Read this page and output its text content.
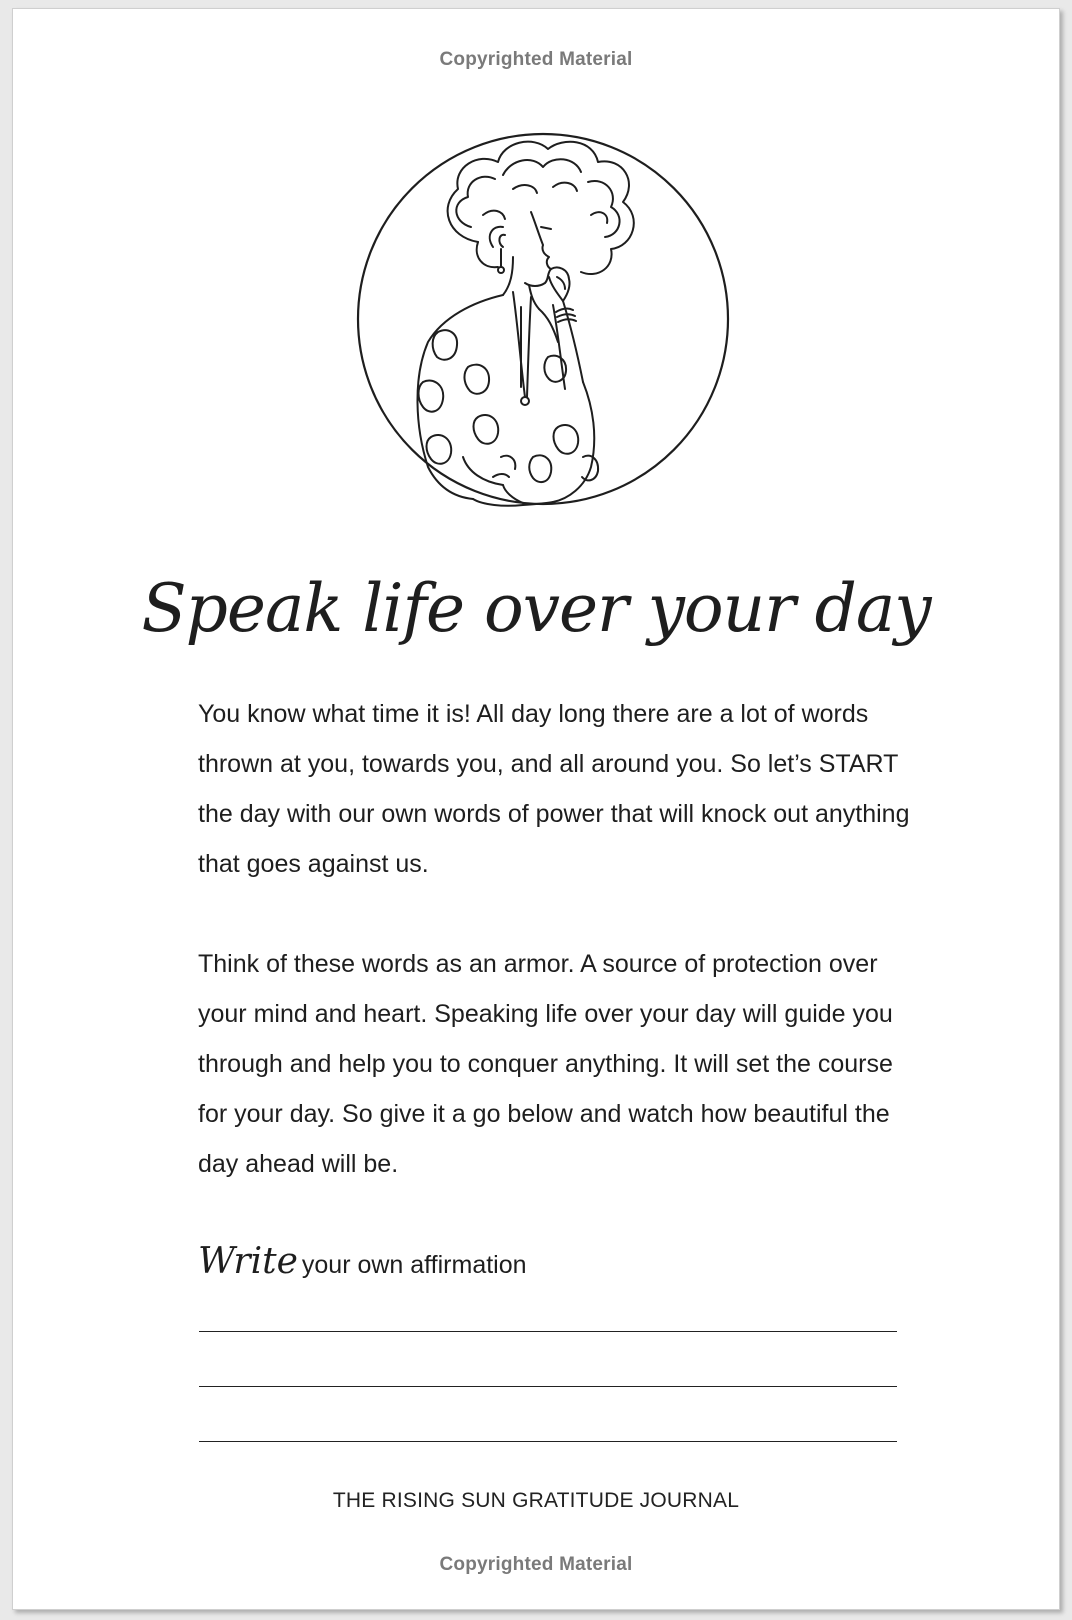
Copyrighted Material
Speak life over your day

You know what time it is! All day long there are a lot of words thrown at you, towards you, and all around you. So let’s START the day with our own words of power that will knock out anything that goes against us.

Think of these words as an armor. A source of protection over your mind and heart. Speaking life over your day will guide you through and help you to conquer anything. It will set the course for your day. So give it a go below and watch how beautiful the day ahead will be.

Write your own affirmation
THE RISING SUN GRATITUDE JOURNAL
Copyrighted Material
